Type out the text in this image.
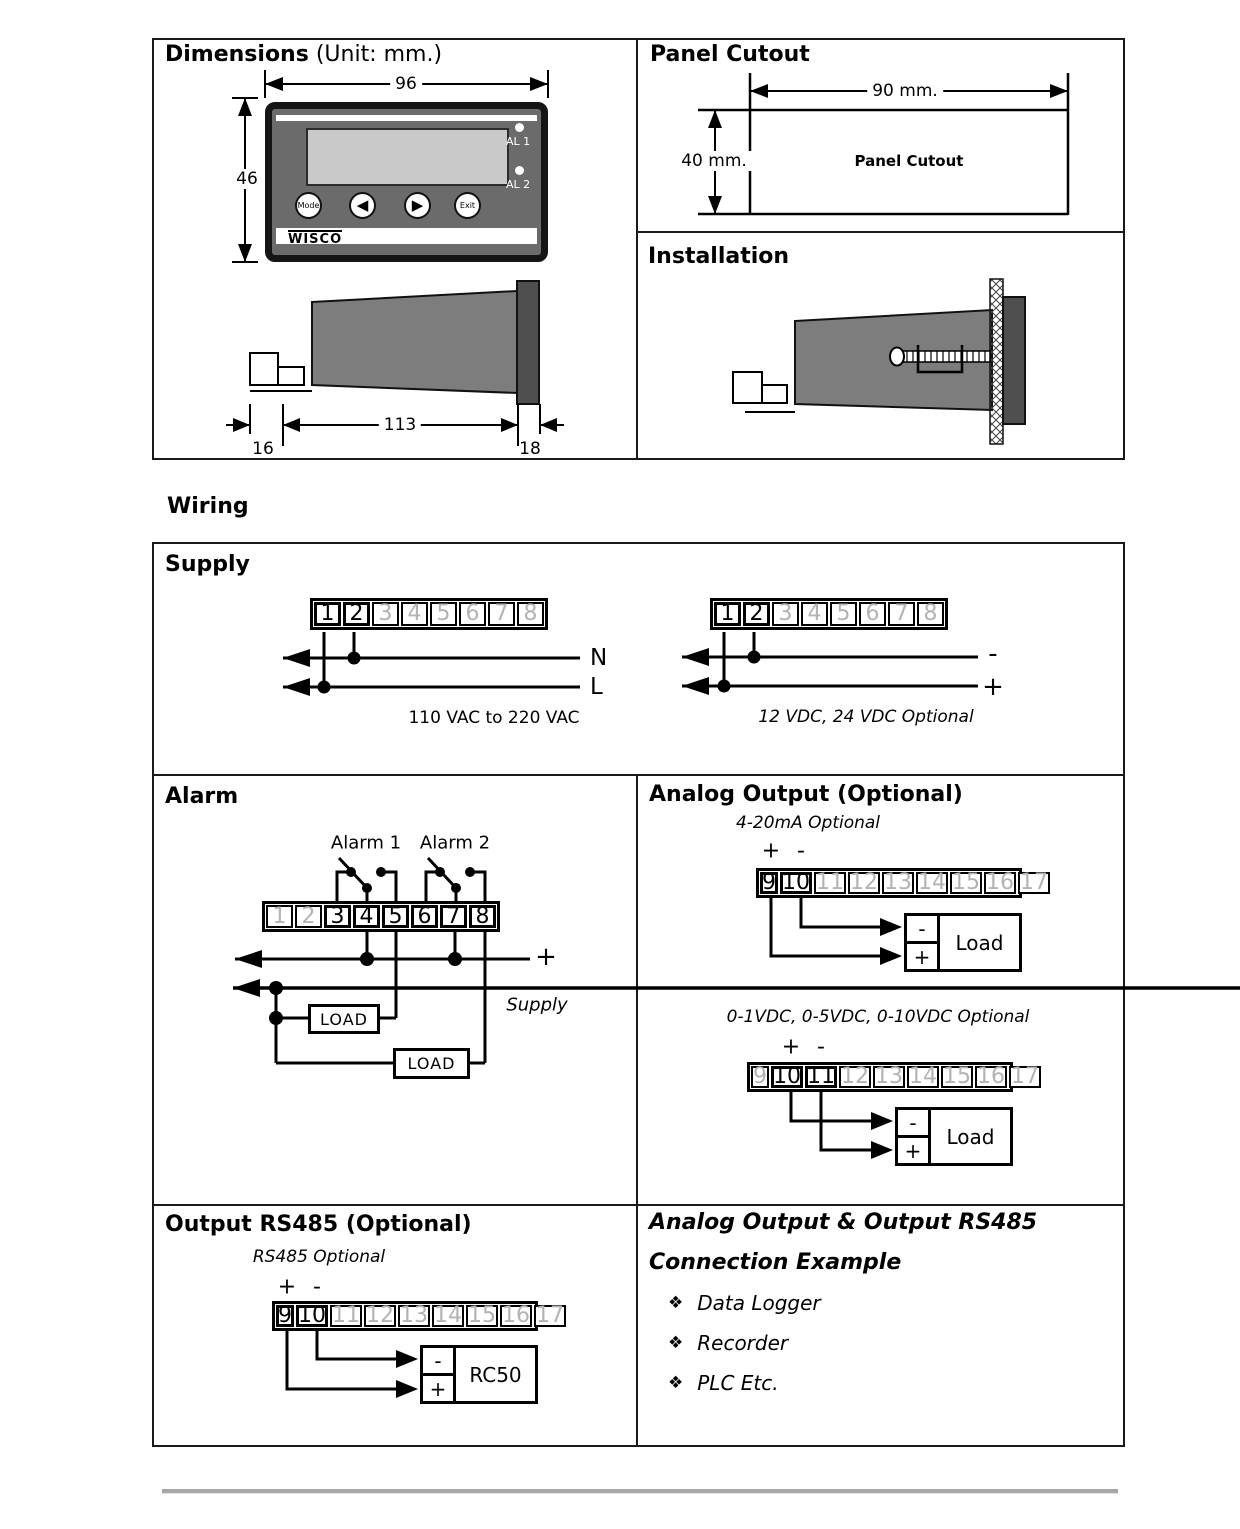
Dimensions (Unit: mm.)	Panel Cutout
Installation
Wiring
Supply
Alarm	Analog Output (Optional)
Output RS485 (Optional)	Analog Output & Output RS485
Connection Example
AL 1
AL 2
Mode	◀	▶	Exit
WISCO
96
46
113
16	18
90 mm.
40 mm.	Panel Cutout
N
L
110 VAC to 220 VAC
-
+
12 VDC, 24 VDC Optional
Alarm 1 Alarm 2
+
Supply
4-20mA Optional
+ -
0-1VDC, 0-5VDC, 0-10VDC Optional
+ -
RS485 Optional
+ -
1 2 3 4 5 6 7 8	1 2 3 4 5 6 7 8
1 2 3 4 5 6 7 8
9 10 11 12 13 14 15 16 17
9 10 11 12 13 14 15 16 17
9 10 11 12 13 14 15 16 17
LOAD
LOAD
-
+
Load
-
+
Load
-
+
RC50
❖ Data Logger
❖ Recorder
❖ PLC Etc.
